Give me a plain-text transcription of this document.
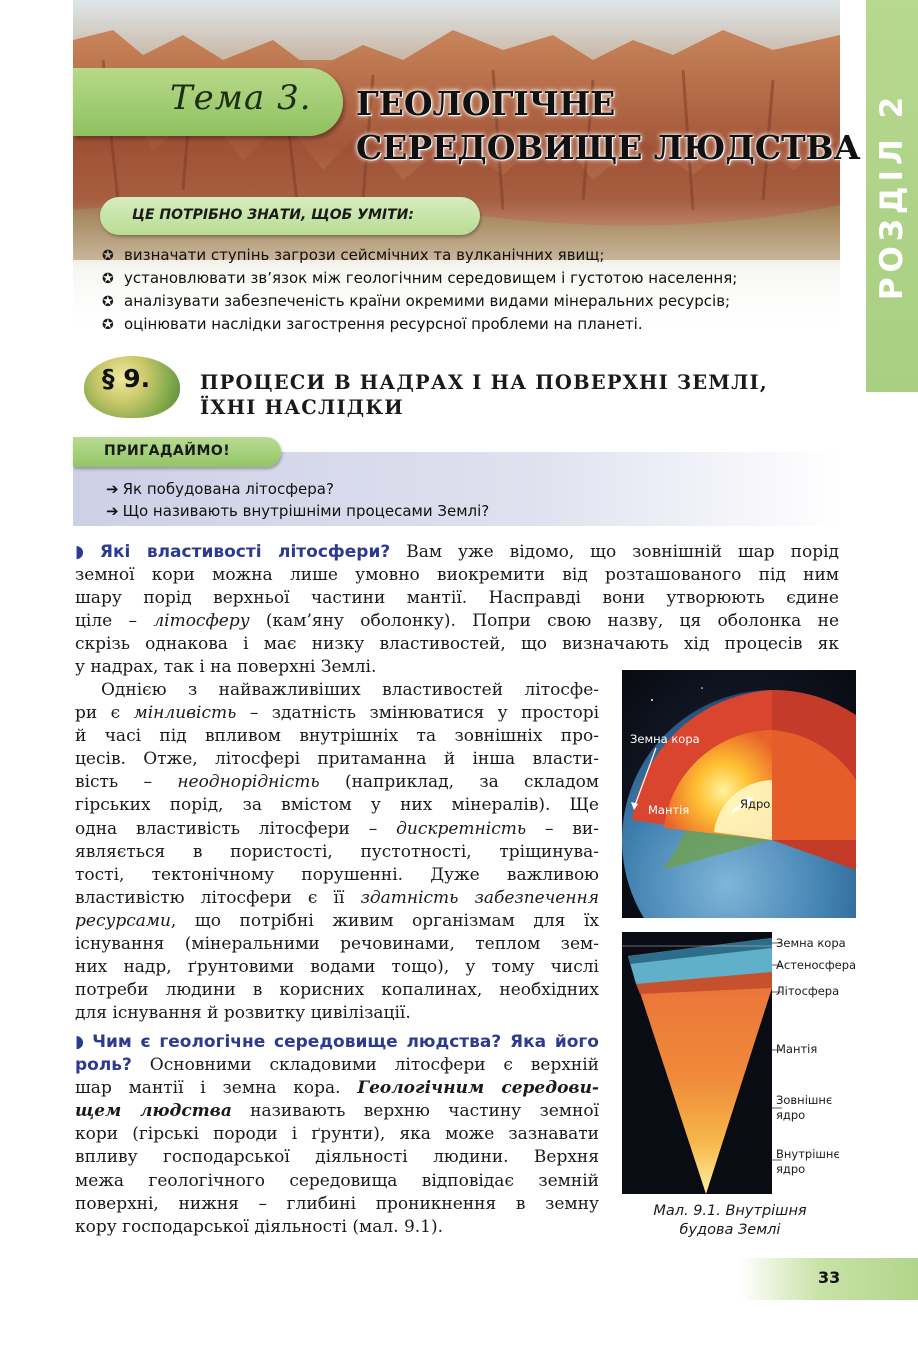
Тема 3. ГЕОЛОГІЧНЕ
СЕРЕДОВИЩЕ ЛЮДСТВА
ЦЕ ПОТРІБНО ЗНАТИ, ЩОБ УМІТИ:
✪ визначати ступінь загрози сейсмічних та вулканічних явищ;
✪ установлювати зв’язок між геологічним середовищем і густотою населення;
✪ аналізувати забезпеченість країни окремими видами мінеральних ресурсів;
✪ оцінювати наслідки загострення ресурсної проблеми на планеті.
РОЗДІЛ 2
§ 9.	ПРОЦЕСИ В НАДРАХ І НА ПОВЕРХНІ ЗЕМЛІ,
ЇХНІ НАСЛІДКИ
ПРИГАДАЙМО!
➔ Як побудована літосфера?
➔ Що називають внутрішніми процесами Землі?
◗ Які властивості літосфери? Вам уже відомо, що зовнішній шар порід
земної кори можна лише умовно виокремити від розташованого під ним
шару порід верхньої частини мантії. Насправді вони утворюють єдине
ціле – літосферу (кам’яну оболонку). Попри свою назву, ця оболонка не
скрізь однакова і має низку властивостей, що визначають хід процесів як
у надрах, так і на поверхні Землі.
Однією з найважливіших властивостей літосфе-
ри є мінливість – здатність змінюватися у просторі
й часі під впливом внутрішніх та зовнішніх про-
цесів. Отже, літосфері притаманна й інша власти-
вість – неоднорідність (наприклад, за складом
гірських порід, за вмістом у них мінералів). Ще
одна властивість літосфери – дискретність – ви-
являється в пористості, пустотності, тріщинува-
тості, тектонічному порушенні. Дуже важливою
властивістю літосфери є її здатність забезпечення
ресурсами, що потрібні живим організмам для їх
існування (мінеральними речовинами, теплом зем-
них надр, ґрунтовими водами тощо), у тому числі
потреби людини в корисних копалинах, необхідних
для існування й розвитку цивілізації.
◗ Чим є геологічне середовище людства? Яка його
роль? Основними складовими літосфери є верхній
шар мантії і земна кора. Геологічним середови-
щем людства називають верхню частину земної
кори (гірські породи і ґрунти), яка може зазнавати
впливу господарської діяльності людини. Верхня
межа геологічного середовища відповідає земній
поверхні, нижня – глибині проникнення в земну
кору господарської діяльності (мал. 9.1).
Земна кора
Мантія	Ядро
Земна кора
Астеносфера
Літосфера
Мантія
Зовнішнє
ядро
Внутрішнє
ядро
Мал. 9.1. Внутрішня
будова Землі
33
